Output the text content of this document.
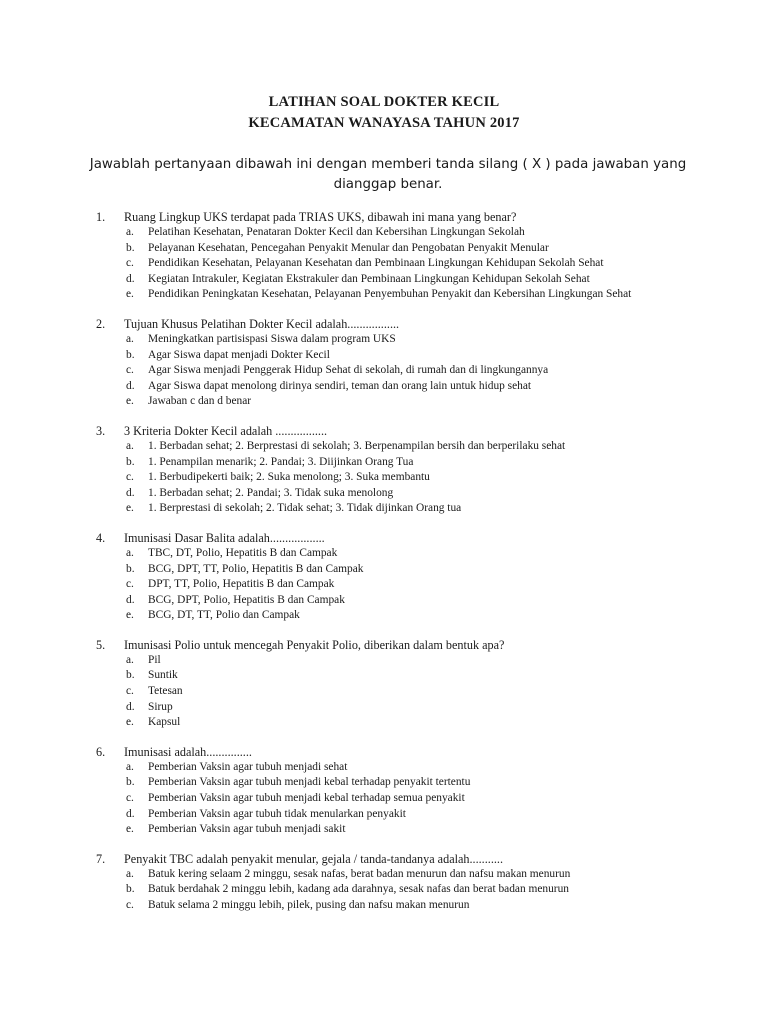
LATIHAN SOAL DOKTER KECIL
KECAMATAN WANAYASA TAHUN 2017
Jawablah pertanyaan dibawah ini dengan memberi tanda silang ( X ) pada jawaban yang dianggap benar.
1. Ruang Lingkup UKS terdapat pada TRIAS UKS, dibawah ini mana yang benar?
a. Pelatihan Kesehatan, Penataran Dokter Kecil dan Kebersihan Lingkungan Sekolah
b. Pelayanan Kesehatan, Pencegahan Penyakit Menular dan Pengobatan Penyakit Menular
c. Pendidikan Kesehatan, Pelayanan Kesehatan dan Pembinaan Lingkungan Kehidupan Sekolah Sehat
d. Kegiatan Intrakuler, Kegiatan Ekstrakuler dan Pembinaan Lingkungan Kehidupan Sekolah Sehat
e. Pendidikan Peningkatan Kesehatan, Pelayanan Penyembuhan Penyakit dan Kebersihan Lingkungan Sehat
2. Tujuan Khusus Pelatihan Dokter Kecil adalah.................
a. Meningkatkan partisispasi Siswa dalam program UKS
b. Agar Siswa dapat menjadi Dokter Kecil
c. Agar Siswa menjadi Penggerak Hidup Sehat di sekolah, di rumah dan di lingkungannya
d. Agar Siswa dapat menolong dirinya sendiri, teman dan orang lain untuk hidup sehat
e. Jawaban c dan d benar
3. 3 Kriteria Dokter Kecil adalah .................
a. 1. Berbadan sehat; 2. Berprestasi di sekolah; 3. Berpenampilan bersih dan berperilaku sehat
b. 1. Penampilan menarik; 2. Pandai; 3. Diijinkan Orang Tua
c. 1. Berbudipekerti baik; 2. Suka menolong; 3. Suka membantu
d. 1. Berbadan sehat; 2. Pandai; 3. Tidak suka menolong
e. 1. Berprestasi di sekolah; 2. Tidak sehat; 3. Tidak dijinkan Orang tua
4. Imunisasi Dasar Balita adalah..................
a. TBC, DT, Polio, Hepatitis B dan Campak
b. BCG, DPT, TT, Polio, Hepatitis B dan Campak
c. DPT, TT, Polio, Hepatitis B dan Campak
d. BCG, DPT, Polio, Hepatitis B dan Campak
e. BCG, DT, TT, Polio dan Campak
5. Imunisasi Polio untuk mencegah Penyakit Polio, diberikan dalam bentuk apa?
a. Pil
b. Suntik
c. Tetesan
d. Sirup
e. Kapsul
6. Imunisasi adalah...............
a. Pemberian Vaksin agar tubuh menjadi sehat
b. Pemberian Vaksin agar tubuh menjadi kebal terhadap penyakit tertentu
c. Pemberian Vaksin agar tubuh menjadi kebal terhadap semua penyakit
d. Pemberian Vaksin agar tubuh tidak menularkan penyakit
e. Pemberian Vaksin agar tubuh menjadi sakit
7. Penyakit TBC adalah penyakit menular, gejala / tanda-tandanya adalah...........
a. Batuk kering selaam 2 minggu, sesak nafas, berat badan menurun dan nafsu makan menurun
b. Batuk berdahak 2 minggu lebih, kadang ada darahnya, sesak nafas dan berat badan menurun
c. Batuk selama 2 minggu lebih, pilek, pusing dan nafsu makan menurun
